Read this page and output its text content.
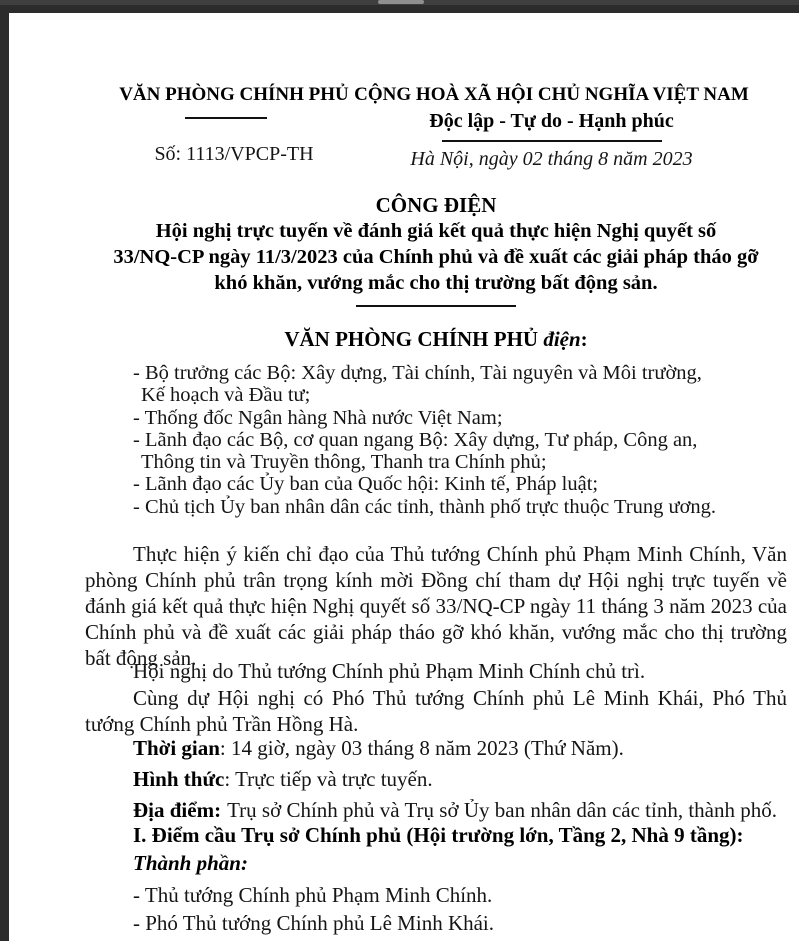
VĂN PHÒNG CHÍNH PHỦ
Số: 1113/VPCP-TH
CỘNG HOÀ XÃ HỘI CHỦ NGHĨA VIỆT NAM
Độc lập - Tự do - Hạnh phúc
Hà Nội, ngày 02 tháng 8 năm 2023
CÔNG ĐIỆN
Hội nghị trực tuyến về đánh giá kết quả thực hiện Nghị quyết số
33/NQ-CP ngày 11/3/2023 của Chính phủ và đề xuất các giải pháp tháo gỡ
khó khăn, vướng mắc cho thị trường bất động sản.
VĂN PHÒNG CHÍNH PHỦ điện:
- Bộ trưởng các Bộ: Xây dựng, Tài chính, Tài nguyên và Môi trường,
Kế hoạch và Đầu tư;
- Thống đốc Ngân hàng Nhà nước Việt Nam;
- Lãnh đạo các Bộ, cơ quan ngang Bộ: Xây dựng, Tư pháp, Công an,
Thông tin và Truyền thông, Thanh tra Chính phủ;
- Lãnh đạo các Ủy ban của Quốc hội: Kinh tế, Pháp luật;
- Chủ tịch Ủy ban nhân dân các tỉnh, thành phố trực thuộc Trung ương.
Thực hiện ý kiến chỉ đạo của Thủ tướng Chính phủ Phạm Minh Chính, Văn phòng Chính phủ trân trọng kính mời Đồng chí tham dự Hội nghị trực tuyến về đánh giá kết quả thực hiện Nghị quyết số 33/NQ-CP ngày 11 tháng 3 năm 2023 của Chính phủ và đề xuất các giải pháp tháo gỡ khó khăn, vướng mắc cho thị trường bất động sản.
Hội nghị do Thủ tướng Chính phủ Phạm Minh Chính chủ trì.
Cùng dự Hội nghị có Phó Thủ tướng Chính phủ Lê Minh Khái, Phó Thủ tướng Chính phủ Trần Hồng Hà.
Thời gian: 14 giờ, ngày 03 tháng 8 năm 2023 (Thứ Năm).
Hình thức: Trực tiếp và trực tuyến.
Địa điểm: Trụ sở Chính phủ và Trụ sở Ủy ban nhân dân các tỉnh, thành phố.
I. Điểm cầu Trụ sở Chính phủ (Hội trường lớn, Tầng 2, Nhà 9 tầng):
Thành phần:
- Thủ tướng Chính phủ Phạm Minh Chính.
- Phó Thủ tướng Chính phủ Lê Minh Khái.
